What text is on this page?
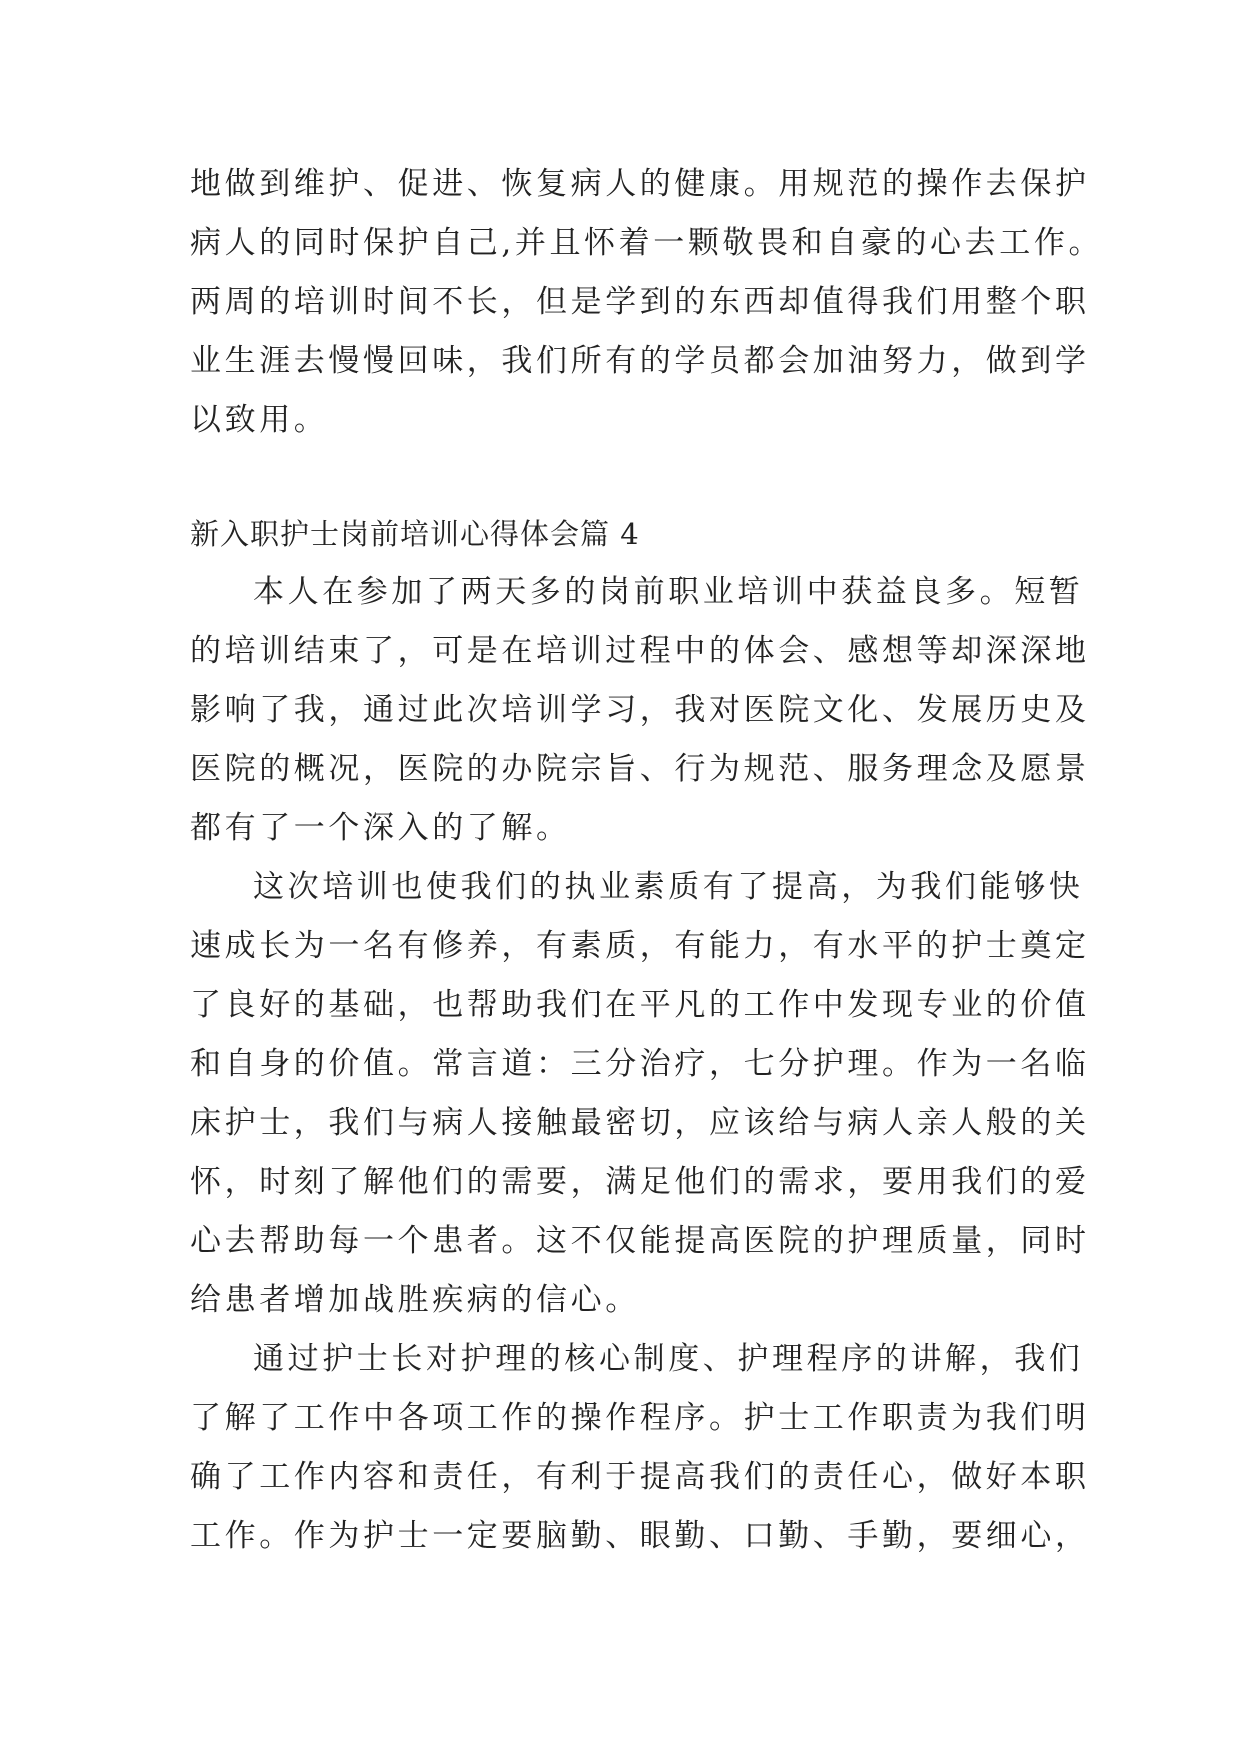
地做到维护、促进、恢复病人的健康。用规范的操作去保护
病人的同时保护自己,并且怀着一颗敬畏和自豪的心去工作。
两周的培训时间不长，但是学到的东西却值得我们用整个职
业生涯去慢慢回味，我们所有的学员都会加油努力，做到学
以致用。
新入职护士岗前培训心得体会篇 4
本人在参加了两天多的岗前职业培训中获益良多。短暂
的培训结束了，可是在培训过程中的体会、感想等却深深地
影响了我，通过此次培训学习，我对医院文化、发展历史及
医院的概况，医院的办院宗旨、行为规范、服务理念及愿景
都有了一个深入的了解。
这次培训也使我们的执业素质有了提高，为我们能够快
速成长为一名有修养，有素质，有能力，有水平的护士奠定
了良好的基础，也帮助我们在平凡的工作中发现专业的价值
和自身的价值。常言道：三分治疗，七分护理。作为一名临
床护士，我们与病人接触最密切，应该给与病人亲人般的关
怀，时刻了解他们的需要，满足他们的需求，要用我们的爱
心去帮助每一个患者。这不仅能提高医院的护理质量，同时
给患者增加战胜疾病的信心。
通过护士长对护理的核心制度、护理程序的讲解，我们
了解了工作中各项工作的操作程序。护士工作职责为我们明
确了工作内容和责任，有利于提高我们的责任心，做好本职
工作。作为护士一定要脑勤、眼勤、口勤、手勤，要细心，
